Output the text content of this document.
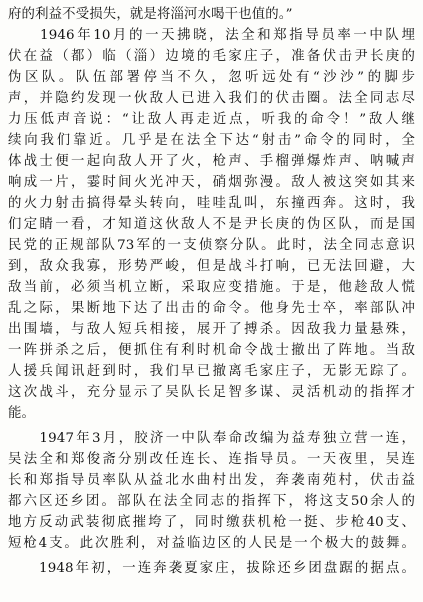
府的利益不受损失，就是将淄河水喝干也值的。”
　　1946年10月的一天拂晓，法全和郑指导员率一中队埋
伏在益（都）临（淄）边境的毛家庄子，准备伏击尹长庚的
伪区队。队伍部署停当不久，忽听远处有“沙沙”的脚步
声，并隐约发现一伙敌人已进入我们的伏击圈。法全同志尽
力压低声音说：“让敌人再走近点，听我的命令！”敌人继
续向我们靠近。几乎是在法全下达“射击”命令的同时，全
体战士便一起向敌人开了火，枪声、手榴弹爆炸声、呐喊声
响成一片，霎时间火光冲天，硝烟弥漫。敌人被这突如其来
的火力射击搞得晕头转向，哇哇乱叫，东撞西奔。这时，我
们定睛一看，才知道这伙敌人不是尹长庚的伪区队，而是国
民党的正规部队73军的一支侦察分队。此时，法全同志意识
到，敌众我寡，形势严峻，但是战斗打响，已无法回避，大
敌当前，必须当机立断，采取应变措施。于是，他趁敌人慌
乱之际，果断地下达了出击的命令。他身先士卒，率部队冲
出围墙，与敌人短兵相接，展开了搏杀。因敌我力量悬殊，
一阵拼杀之后，便抓住有利时机命令战士撤出了阵地。当敌
人援兵闻讯赶到时，我们早已撤离毛家庄子，无影无踪了。
这次战斗，充分显示了吴队长足智多谋、灵活机动的指挥才
能。
　　1947年3月，胶济一中队奉命改编为益寿独立营一连，
吴法全和郑俊斋分别改任连长、连指导员。一天夜里，吴连
长和郑指导员率队从益北水曲村出发，奔袭南苑村，伏击益
都六区还乡团。部队在法全同志的指挥下，将这支50余人的
地方反动武装彻底摧垮了，同时缴获机枪一挺、步枪40支、
短枪4支。此次胜利，对益临边区的人民是一个极大的鼓舞。
　　1948年初，一连奔袭夏家庄，拔除还乡团盘踞的据点。
